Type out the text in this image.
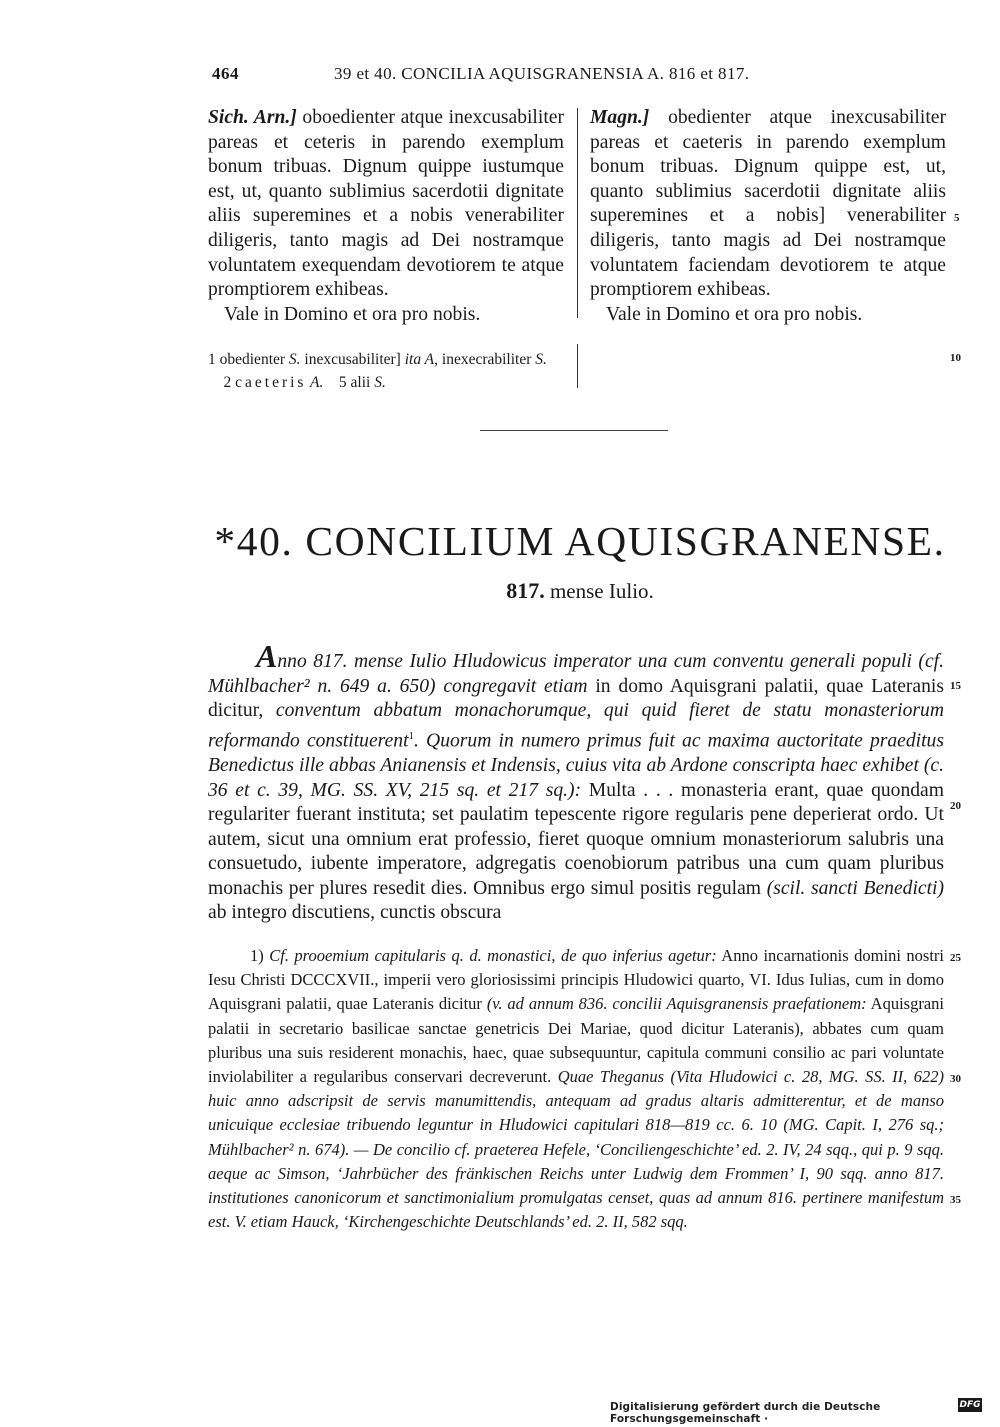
464	39 et 40. CONCILIA AQUISGRANENSIA A. 816 et 817.

Sich. Arn.] oboedienter atque inexcusabiliter pareas et ceteris in parendo exemplum bonum tribuas. Dignum quippe iustumque est, ut, quanto sublimius sacerdotii dignitate aliis superemines et a nobis venerabiliter diligeris, tanto magis ad Dei nostramque voluntatem exequendam devotiorem te atque promptiorem exhibeas.

Vale in Domino et ora pro nobis.

Magn.] obedienter atque inexcusabiliter pareas et caeteris in parendo exemplum bonum tribuas. Dignum quippe est, ut, quanto sublimius sacerdotii dignitate aliis superemines et a nobis] venerabiliter diligeris, tanto magis ad Dei nostramque voluntatem faciendam devotiorem te atque promptiorem exhibeas.

Vale in Domino et ora pro nobis.

5
1 obedienter S. inexcusabiliter] ita A, inexecrabiliter S.    2 caeteris A.    5 alii S.
10
*40. CONCILIUM AQUISGRANENSE.
817. mense Iulio.

Anno 817. mense Iulio Hludowicus imperator una cum conventu generali populi (cf. Mühlbacher² n. 649 a. 650) congregavit etiam in domo Aquisgrani palatii, quae Lateranis dicitur, conventum abbatum monachorumque, qui quid fieret de statu monasteriorum reformando constituerent$^1$. Quorum in numero primus fuit ac maxima auctoritate praeditus Benedictus ille abbas Anianensis et Indensis, cuius vita ab Ardone conscripta haec exhibet (c. 36 et c. 39, MG. SS. XV, 215 sq. et 217 sq.): Multa . . . monasteria erant, quae quondam regulariter fuerant instituta; set paulatim tepescente rigore regularis pene deperierat ordo. Ut autem, sicut una omnium erat professio, fieret quoque omnium monasteriorum salubris una consuetudo, iubente imperatore, adgregatis coenobiorum patribus una cum quam pluribus monachis per plures resedit dies. Omnibus ergo simul positis regulam (scil. sancti Benedicti) ab integro discutiens, cunctis obscura

15
20

1) Cf. prooemium capitularis q. d. monastici, de quo inferius agetur: Anno incarnationis domini nostri Iesu Christi DCCCXVII., imperii vero gloriosissimi principis Hludowici quarto, VI. Idus Iulias, cum in domo Aquisgrani palatii, quae Lateranis dicitur (v. ad annum 836. concilii Aquisgranensis praefationem: Aquisgrani palatii in secretario basilicae sanctae genetricis Dei Mariae, quod dicitur Lateranis), abbates cum quam pluribus una suis residerent monachis, haec, quae subsequuntur, capitula communi consilio ac pari voluntate inviolabiliter a regularibus conservari decreverunt. Quae Theganus (Vita Hludowici c. 28, MG. SS. II, 622) huic anno adscripsit de servis manumittendis, antequam ad gradus altaris admitterentur, et de manso unicuique ecclesiae tribuendo leguntur in Hludowici capitulari 818—819 cc. 6. 10 (MG. Capit. I, 276 sq.; Mühlbacher² n. 674). — De concilio cf. praeterea Hefele, ‘Conciliengeschichte’ ed. 2. IV, 24 sqq., qui p. 9 sqq. aeque ac Simson, ‘Jahrbücher des fränkischen Reichs unter Ludwig dem Frommen’ I, 90 sqq. anno 817. institutiones canonicorum et sanctimonialium promulgatas censet, quas ad annum 816. pertinere manifestum est. V. etiam Hauck, ‘Kirchengeschichte Deutschlands’ ed. 2. II, 582 sqq.

25
30
35
Digitalisierung gefördert durch die Deutsche Forschungsgemeinschaft ·
DFG
